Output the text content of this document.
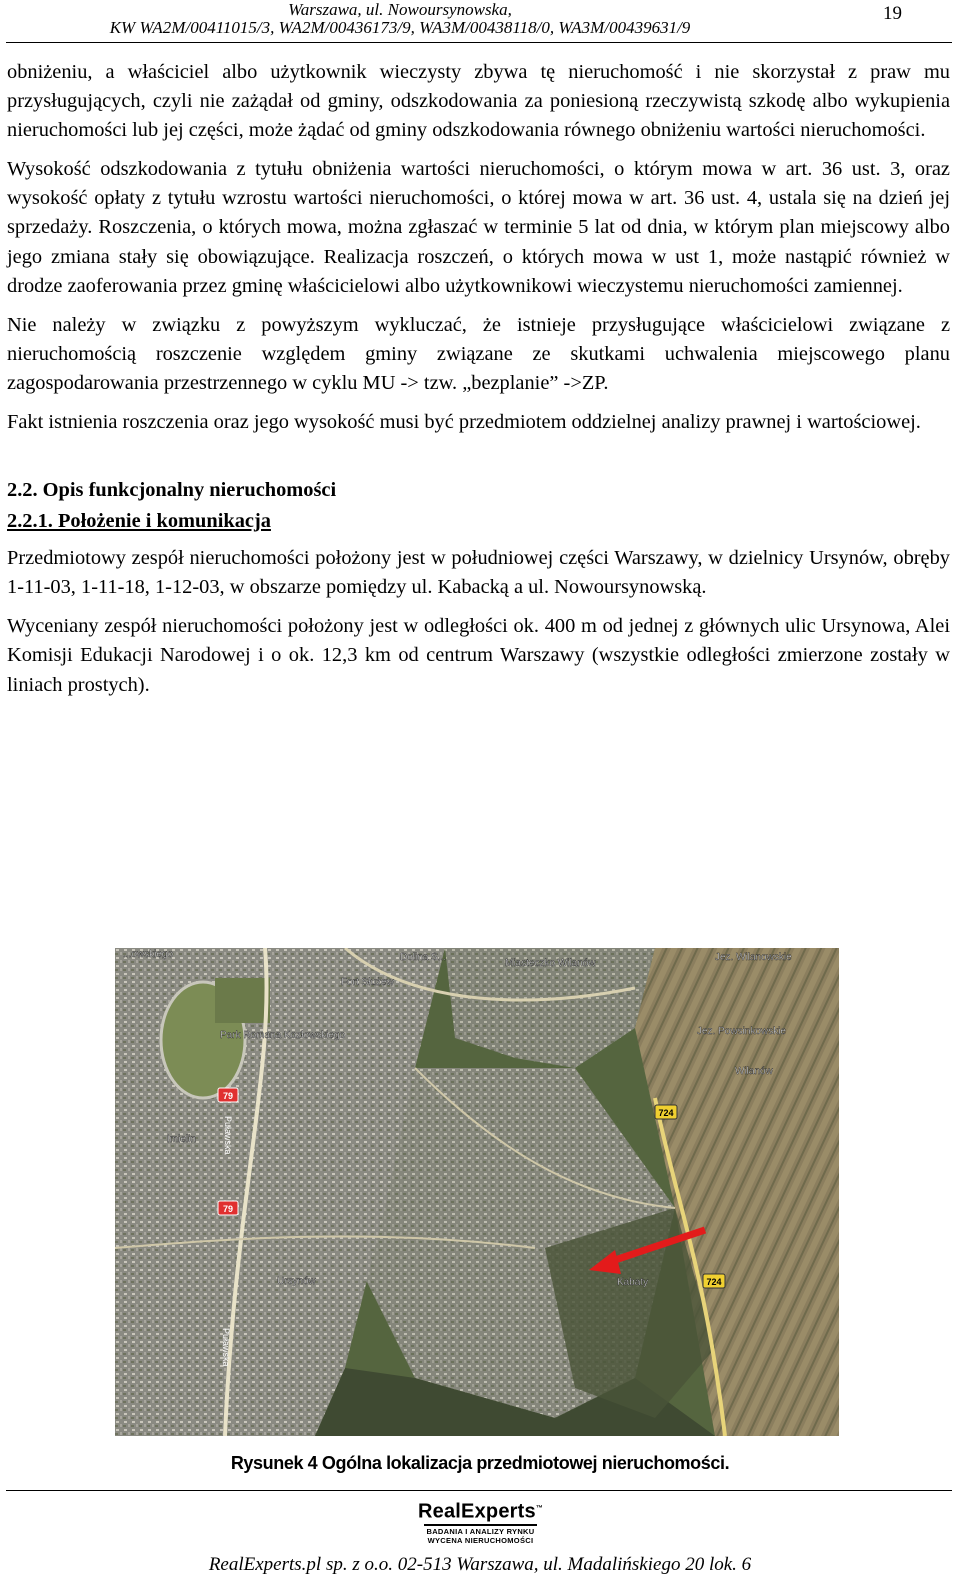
Warszawa, ul. Nowoursynowska,
KW WA2M/00411015/3, WA2M/00436173/9, WA3M/00438118/0, WA3M/00439631/9
19

obniżeniu, a właściciel albo użytkownik wieczysty zbywa tę nieruchomość i nie skorzystał z praw mu przysługujących, czyli nie zażądał od gminy, odszkodowania za poniesioną rzeczywistą szkodę albo wykupienia nieruchomości lub jej części, może żądać od gminy odszkodowania równego obniżeniu wartości nieruchomości.

Wysokość odszkodowania z tytułu obniżenia wartości nieruchomości, o którym mowa w art. 36 ust. 3, oraz wysokość opłaty z tytułu wzrostu wartości nieruchomości, o której mowa w art. 36 ust. 4, ustala się na dzień jej sprzedaży. Roszczenia, o których mowa, można zgłaszać w terminie 5 lat od dnia, w którym plan miejscowy albo jego zmiana stały się obowiązujące. Realizacja roszczeń, o których mowa w ust 1, może nastąpić również w drodze zaoferowania przez gminę właścicielowi albo użytkownikowi wieczystemu nieruchomości zamiennej.

Nie należy w związku z powyższym wykluczać, że istnieje przysługujące właścicielowi związane z nieruchomością roszczenie względem gminy związane ze skutkami uchwalenia miejscowego planu zagospodarowania przestrzennego w cyklu MU -> tzw. „bezplanie” ->ZP.

Fakt istnienia roszczenia oraz jego wysokość musi być przedmiotem oddzielnej analizy prawnej i wartościowej.

2.2. Opis funkcjonalny nieruchomości
2.2.1. Położenie i komunikacja

Przedmiotowy zespół nieruchomości położony jest w południowej części Warszawy, w dzielnicy Ursynów, obręby 1-11-03, 1-11-18, 1-12-03, w obszarze pomiędzy ul. Kabacką a ul. Nowoursynowską.

Wyceniany zespół nieruchomości położony jest w odległości ok. 400 m od jednej z głównych ulic Ursynowa, Alei Komisji Edukacji Narodowej i o ok. 12,3 km od centrum Warszawy (wszystkie odległości zmierzone zostały w liniach prostych).

79
79
724
724
Fort Służew
Miasteczko Wilanów
Park Romana Kozłowskiego
Jez. Wilanowskie
Jez. Powsinkowskie
Wilanów
Imielin
Ursynów	Kabaty
...owskiego	Dolina S...
Puławska
Puławska
Rysunek 4 Ogólna lokalizacja przedmiotowej nieruchomości.
RealExperts™
BADANIA I ANALIZY RYNKU
WYCENA NIERUCHOMOŚCI
RealExperts.pl sp. z o.o. 02-513 Warszawa, ul. Madalińskiego 20 lok. 6
